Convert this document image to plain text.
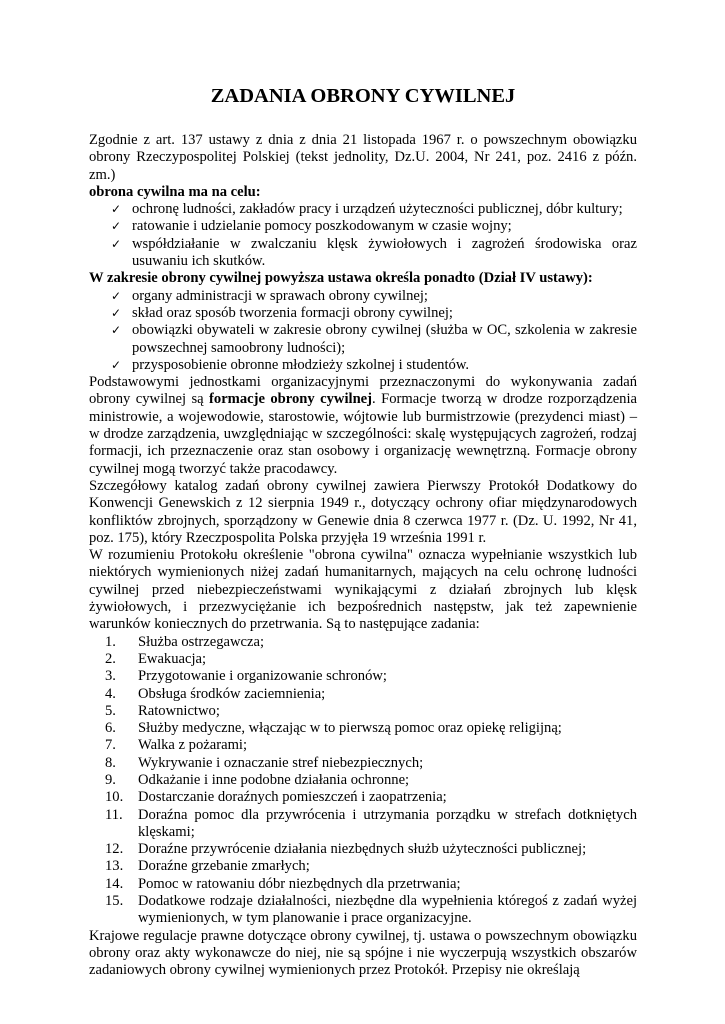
ZADANIA OBRONY CYWILNEJ

Zgodnie z art. 137 ustawy z dnia z dnia 21 listopada 1967 r. o powszechnym obowiązku obrony Rzeczypospolitej Polskiej (tekst jednolity, Dz.U. 2004, Nr 241, poz. 2416 z późn. zm.)

obrona cywilna ma na celu:

✓ ochronę ludności, zakładów pracy i urządzeń użyteczności publicznej, dóbr kultury;
✓ ratowanie i udzielanie pomocy poszkodowanym w czasie wojny;
✓ współdziałanie w zwalczaniu klęsk żywiołowych i zagrożeń środowiska oraz usuwaniu ich skutków.

W zakresie obrony cywilnej powyższa ustawa określa ponadto (Dział IV ustawy):

✓ organy administracji w sprawach obrony cywilnej;
✓ skład oraz sposób tworzenia formacji obrony cywilnej;
✓ obowiązki obywateli w zakresie obrony cywilnej (służba w OC, szkolenia w zakresie powszechnej samoobrony ludności);
✓ przysposobienie obronne młodzieży szkolnej i studentów.

Podstawowymi jednostkami organizacyjnymi przeznaczonymi do wykonywania zadań obrony cywilnej są formacje obrony cywilnej. Formacje tworzą w drodze rozporządzenia ministrowie, a wojewodowie, starostowie, wójtowie lub burmistrzowie (prezydenci miast) – w drodze zarządzenia, uwzględniając w szczególności: skalę występujących zagrożeń, rodzaj formacji, ich przeznaczenie oraz stan osobowy i organizację wewnętrzną. Formacje obrony cywilnej mogą tworzyć także pracodawcy.

Szczegółowy katalog zadań obrony cywilnej zawiera Pierwszy Protokół Dodatkowy do Konwencji Genewskich z 12 sierpnia 1949 r., dotyczący ochrony ofiar międzynarodowych konfliktów zbrojnych, sporządzony w Genewie dnia 8 czerwca 1977 r. (Dz. U. 1992, Nr 41, poz. 175), który Rzeczpospolita Polska przyjęła 19 września 1991 r.

W rozumieniu Protokołu określenie "obrona cywilna" oznacza wypełnianie wszystkich lub niektórych wymienionych niżej zadań humanitarnych, mających na celu ochronę ludności cywilnej przed niebezpieczeństwami wynikającymi z działań zbrojnych lub klęsk żywiołowych, i przezwyciężanie ich bezpośrednich następstw, jak też zapewnienie warunków koniecznych do przetrwania. Są to następujące zadania:

1. Służba ostrzegawcza;
2. Ewakuacja;
3. Przygotowanie i organizowanie schronów;
4. Obsługa środków zaciemnienia;
5. Ratownictwo;
6. Służby medyczne, włączając w to pierwszą pomoc oraz opiekę religijną;
7. Walka z pożarami;
8. Wykrywanie i oznaczanie stref niebezpiecznych;
9. Odkażanie i inne podobne działania ochronne;
10. Dostarczanie doraźnych pomieszczeń i zaopatrzenia;
11. Doraźna pomoc dla przywrócenia i utrzymania porządku w strefach dotkniętych klęskami;
12. Doraźne przywrócenie działania niezbędnych służb użyteczności publicznej;
13. Doraźne grzebanie zmarłych;
14. Pomoc w ratowaniu dóbr niezbędnych dla przetrwania;
15. Dodatkowe rodzaje działalności, niezbędne dla wypełnienia któregoś z zadań wyżej wymienionych, w tym planowanie i prace organizacyjne.

Krajowe regulacje prawne dotyczące obrony cywilnej, tj. ustawa o powszechnym obowiązku obrony oraz akty wykonawcze do niej, nie są spójne i nie wyczerpują wszystkich obszarów zadaniowych obrony cywilnej wymienionych przez Protokół. Przepisy nie określają
